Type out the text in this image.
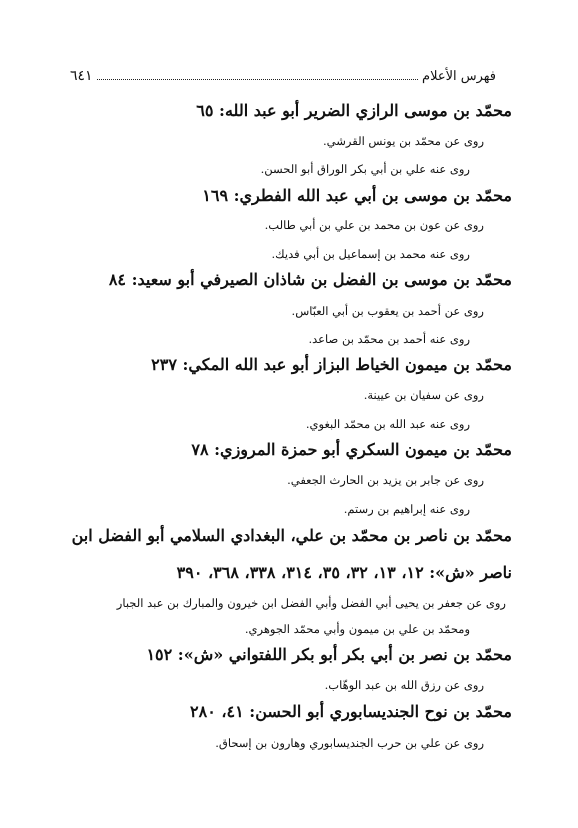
فهرس الأعلام
٦٤١
محمّد بن موسى الرازي الضرير أبو عبد الله: ٦٥
روى عن محمّد بن يونس القرشي.
روى عنه علي بن أبي بكر الوراق أبو الحسن.
محمّد بن موسى بن أبي عبد الله الفطري: ١٦٩
روى عن عون بن محمد بن علي بن أبي طالب.
روى عنه محمد بن إسماعيل بن أبي فديك.
محمّد بن موسى بن الفضل بن شاذان الصيرفي أبو سعيد: ٨٤
روى عن أحمد بن يعقوب بن أبي العبّاس.
روى عنه أحمد بن محمّد بن صاعد.
محمّد بن ميمون الخياط البزاز أبو عبد الله المكي: ٢٣٧
روى عن سفيان بن عيينة.
روى عنه عبد الله بن محمّد البغوي.
محمّد بن ميمون السكري أبو حمزة المروزي: ٧٨
روى عن جابر بن يزيد بن الحارث الجعفي.
روى عنه إبراهيم بن رستم.
محمّد بن ناصر بن محمّد بن علي، البغدادي السلامي أبو الفضل ابن
ناصر «ش»: ١٢، ١٣، ٣٢، ٣٥، ٣١٤، ٣٣٨، ٣٦٨، ٣٩٠
روى عن جعفر بن يحيى أبي الفضل وأبي الفضل ابن خيرون والمبارك بن عبد الجبار
ومحمّد بن علي بن ميمون وأبي محمّد الجوهري.
محمّد بن نصر بن أبي بكر أبو بكر اللفتواني «ش»: ١٥٢
روى عن رزق الله بن عبد الوهّاب.
محمّد بن نوح الجنديسابوري أبو الحسن: ٤١، ٢٨٠
روى عن علي بن حرب الجنديسابوري وهارون بن إسحاق.
